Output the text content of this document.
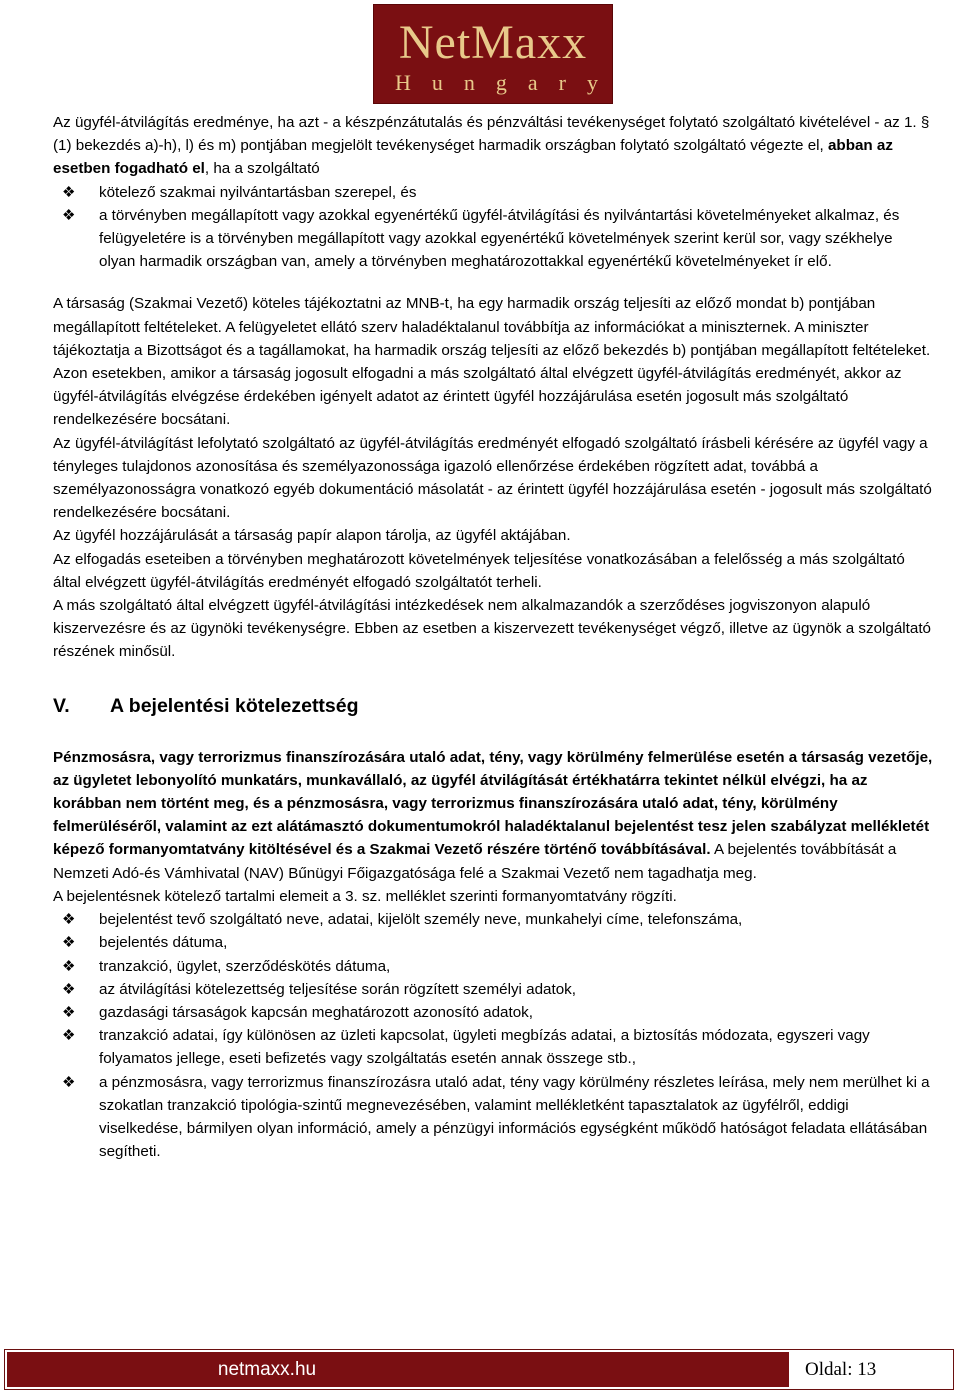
NetMaxx
Hungary

Az ügyfél-átvilágítás eredménye, ha azt - a készpénzátutalás és pénzváltási tevékenységet folytató szolgáltató kivételével - az 1. § (1) bekezdés a)-h), l) és m) pontjában megjelölt tevékenységet harmadik országban folytató szolgáltató végezte el, abban az esetben fogadható el, ha a szolgáltató

❖ kötelező szakmai nyilvántartásban szerepel, és
❖ a törvényben megállapított vagy azokkal egyenértékű ügyfél-átvilágítási és nyilvántartási követelményeket alkalmaz, és felügyeletére is a törvényben megállapított vagy azokkal egyenértékű követelmények szerint kerül sor, vagy székhelye olyan harmadik országban van, amely a törvényben meghatározottakkal egyenértékű követelményeket ír elő.

A társaság (Szakmai Vezető) köteles tájékoztatni az MNB-t, ha egy harmadik ország teljesíti az előző mondat b) pontjában megállapított feltételeket. A felügyeletet ellátó szerv haladéktalanul továbbítja az információkat a miniszternek. A miniszter tájékoztatja a Bizottságot és a tagállamokat, ha harmadik ország teljesíti az előző bekezdés b) pontjában megállapított feltételeket.

Azon esetekben, amikor a társaság jogosult elfogadni a más szolgáltató által elvégzett ügyfél-átvilágítás eredményét, akkor az ügyfél-átvilágítás elvégzése érdekében igényelt adatot az érintett ügyfél hozzájárulása esetén jogosult más szolgáltató rendelkezésére bocsátani.

Az ügyfél-átvilágítást lefolytató szolgáltató az ügyfél-átvilágítás eredményét elfogadó szolgáltató írásbeli kérésére az ügyfél vagy a tényleges tulajdonos azonosítása és személyazonossága igazoló ellenőrzése érdekében rögzített adat, továbbá a személyazonosságra vonatkozó egyéb dokumentáció másolatát - az érintett ügyfél hozzájárulása esetén - jogosult más szolgáltató rendelkezésére bocsátani.

Az ügyfél hozzájárulását a társaság papír alapon tárolja, az ügyfél aktájában.

Az elfogadás eseteiben a törvényben meghatározott követelmények teljesítése vonatkozásában a felelősség a más szolgáltató által elvégzett ügyfél-átvilágítás eredményét elfogadó szolgáltatót terheli.

A más szolgáltató által elvégzett ügyfél-átvilágítási intézkedések nem alkalmazandók a szerződéses jogviszonyon alapuló kiszervezésre és az ügynöki tevékenységre. Ebben az esetben a kiszervezett tevékenységet végző, illetve az ügynök a szolgáltató részének minősül.

V.	A bejelentési kötelezettség

Pénzmosásra, vagy terrorizmus finanszírozására utaló adat, tény, vagy körülmény felmerülése esetén a társaság vezetője, az ügyletet lebonyolító munkatárs, munkavállaló, az ügyfél átvilágítását értékhatárra tekintet nélkül elvégzi, ha az korábban nem történt meg, és a pénzmosásra, vagy terrorizmus finanszírozására utaló adat, tény, körülmény felmerüléséről, valamint az ezt alátámasztó dokumentumokról haladéktalanul bejelentést tesz jelen szabályzat mellékletét képező formanyomtatvány kitöltésével és a Szakmai Vezető részére történő továbbításával. A bejelentés továbbítását a Nemzeti Adó-és Vámhivatal (NAV) Bűnügyi Főigazgatósága felé a Szakmai Vezető nem tagadhatja meg.

A bejelentésnek kötelező tartalmi elemeit a 3. sz. melléklet szerinti formanyomtatvány rögzíti.

❖ bejelentést tevő szolgáltató neve, adatai, kijelölt személy neve, munkahelyi címe, telefonszáma,
❖ bejelentés dátuma,
❖ tranzakció, ügylet, szerződéskötés dátuma,
❖ az átvilágítási kötelezettség teljesítése során rögzített személyi adatok,
❖ gazdasági társaságok kapcsán meghatározott azonosító adatok,
❖ tranzakció adatai, így különösen az üzleti kapcsolat, ügyleti megbízás adatai, a biztosítás módozata, egyszeri vagy folyamatos jellege, eseti befizetés vagy szolgáltatás esetén annak összege stb.,
❖ a pénzmosásra, vagy terrorizmus finanszírozásra utaló adat, tény vagy körülmény részletes leírása, mely nem merülhet ki a szokatlan tranzakció tipológia-szintű megnevezésében, valamint mellékletként tapasztalatok az ügyfélről, eddigi viselkedése, bármilyen olyan információ, amely a pénzügyi információs egységként működő hatóságot feladata ellátásában segítheti.
netmaxx.hu	Oldal: 13
